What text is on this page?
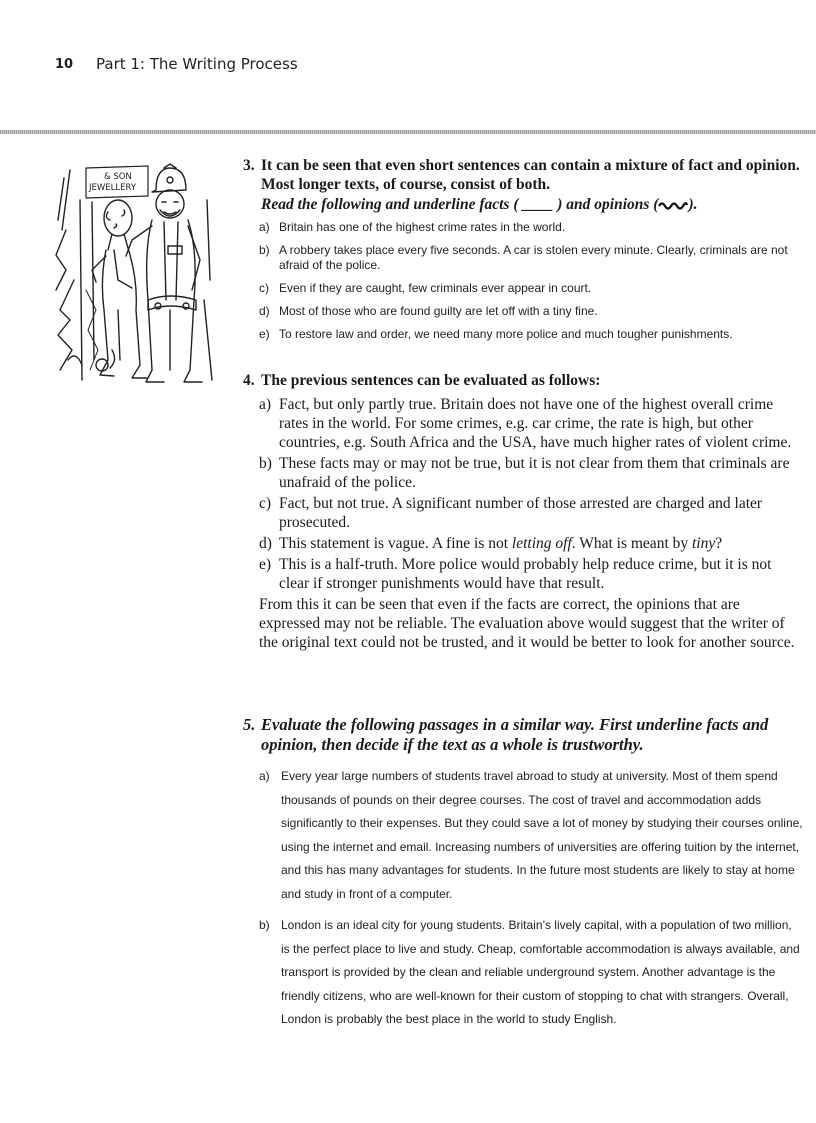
10 Part 1: The Writing Process
& SON
JEWELLERY
3. It can be seen that even short sentences can contain a mixture of fact and opinion. Most longer texts, of course, consist of both.
Read the following and underline facts ( ____ ) and opinions ( ).
a) Britain has one of the highest crime rates in the world.
b) A robbery takes place every five seconds. A car is stolen every minute. Clearly, criminals are not afraid of the police.
c) Even if they are caught, few criminals ever appear in court.
d) Most of those who are found guilty are let off with a tiny fine.
e) To restore law and order, we need many more police and much tougher punishments.
4. The previous sentences can be evaluated as follows:
a) Fact, but only partly true. Britain does not have one of the highest overall crime rates in the world. For some crimes, e.g. car crime, the rate is high, but other countries, e.g. South Africa and the USA, have much higher rates of violent crime.
b) These facts may or may not be true, but it is not clear from them that criminals are unafraid of the police.
c) Fact, but not true. A significant number of those arrested are charged and later prosecuted.
d) This statement is vague. A fine is not letting off. What is meant by tiny?
e) This is a half-truth. More police would probably help reduce crime, but it is not clear if stronger punishments would have that result.
From this it can be seen that even if the facts are correct, the opinions that are expressed may not be reliable. The evaluation above would suggest that the writer of the original text could not be trusted, and it would be better to look for another source.
5. Evaluate the following passages in a similar way. First underline facts and opinion, then decide if the text as a whole is trustworthy.
a) Every year large numbers of students travel abroad to study at university. Most of them spend thousands of pounds on their degree courses. The cost of travel and accommodation adds significantly to their expenses. But they could save a lot of money by studying their courses online, using the internet and email. Increasing numbers of universities are offering tuition by the internet, and this has many advantages for students. In the future most students are likely to stay at home and study in front of a computer.
b) London is an ideal city for young students. Britain’s lively capital, with a population of two million, is the perfect place to live and study. Cheap, comfortable accommodation is always available, and transport is provided by the clean and reliable underground system. Another advantage is the friendly citizens, who are well-known for their custom of stopping to chat with strangers. Overall, London is probably the best place in the world to study English.
